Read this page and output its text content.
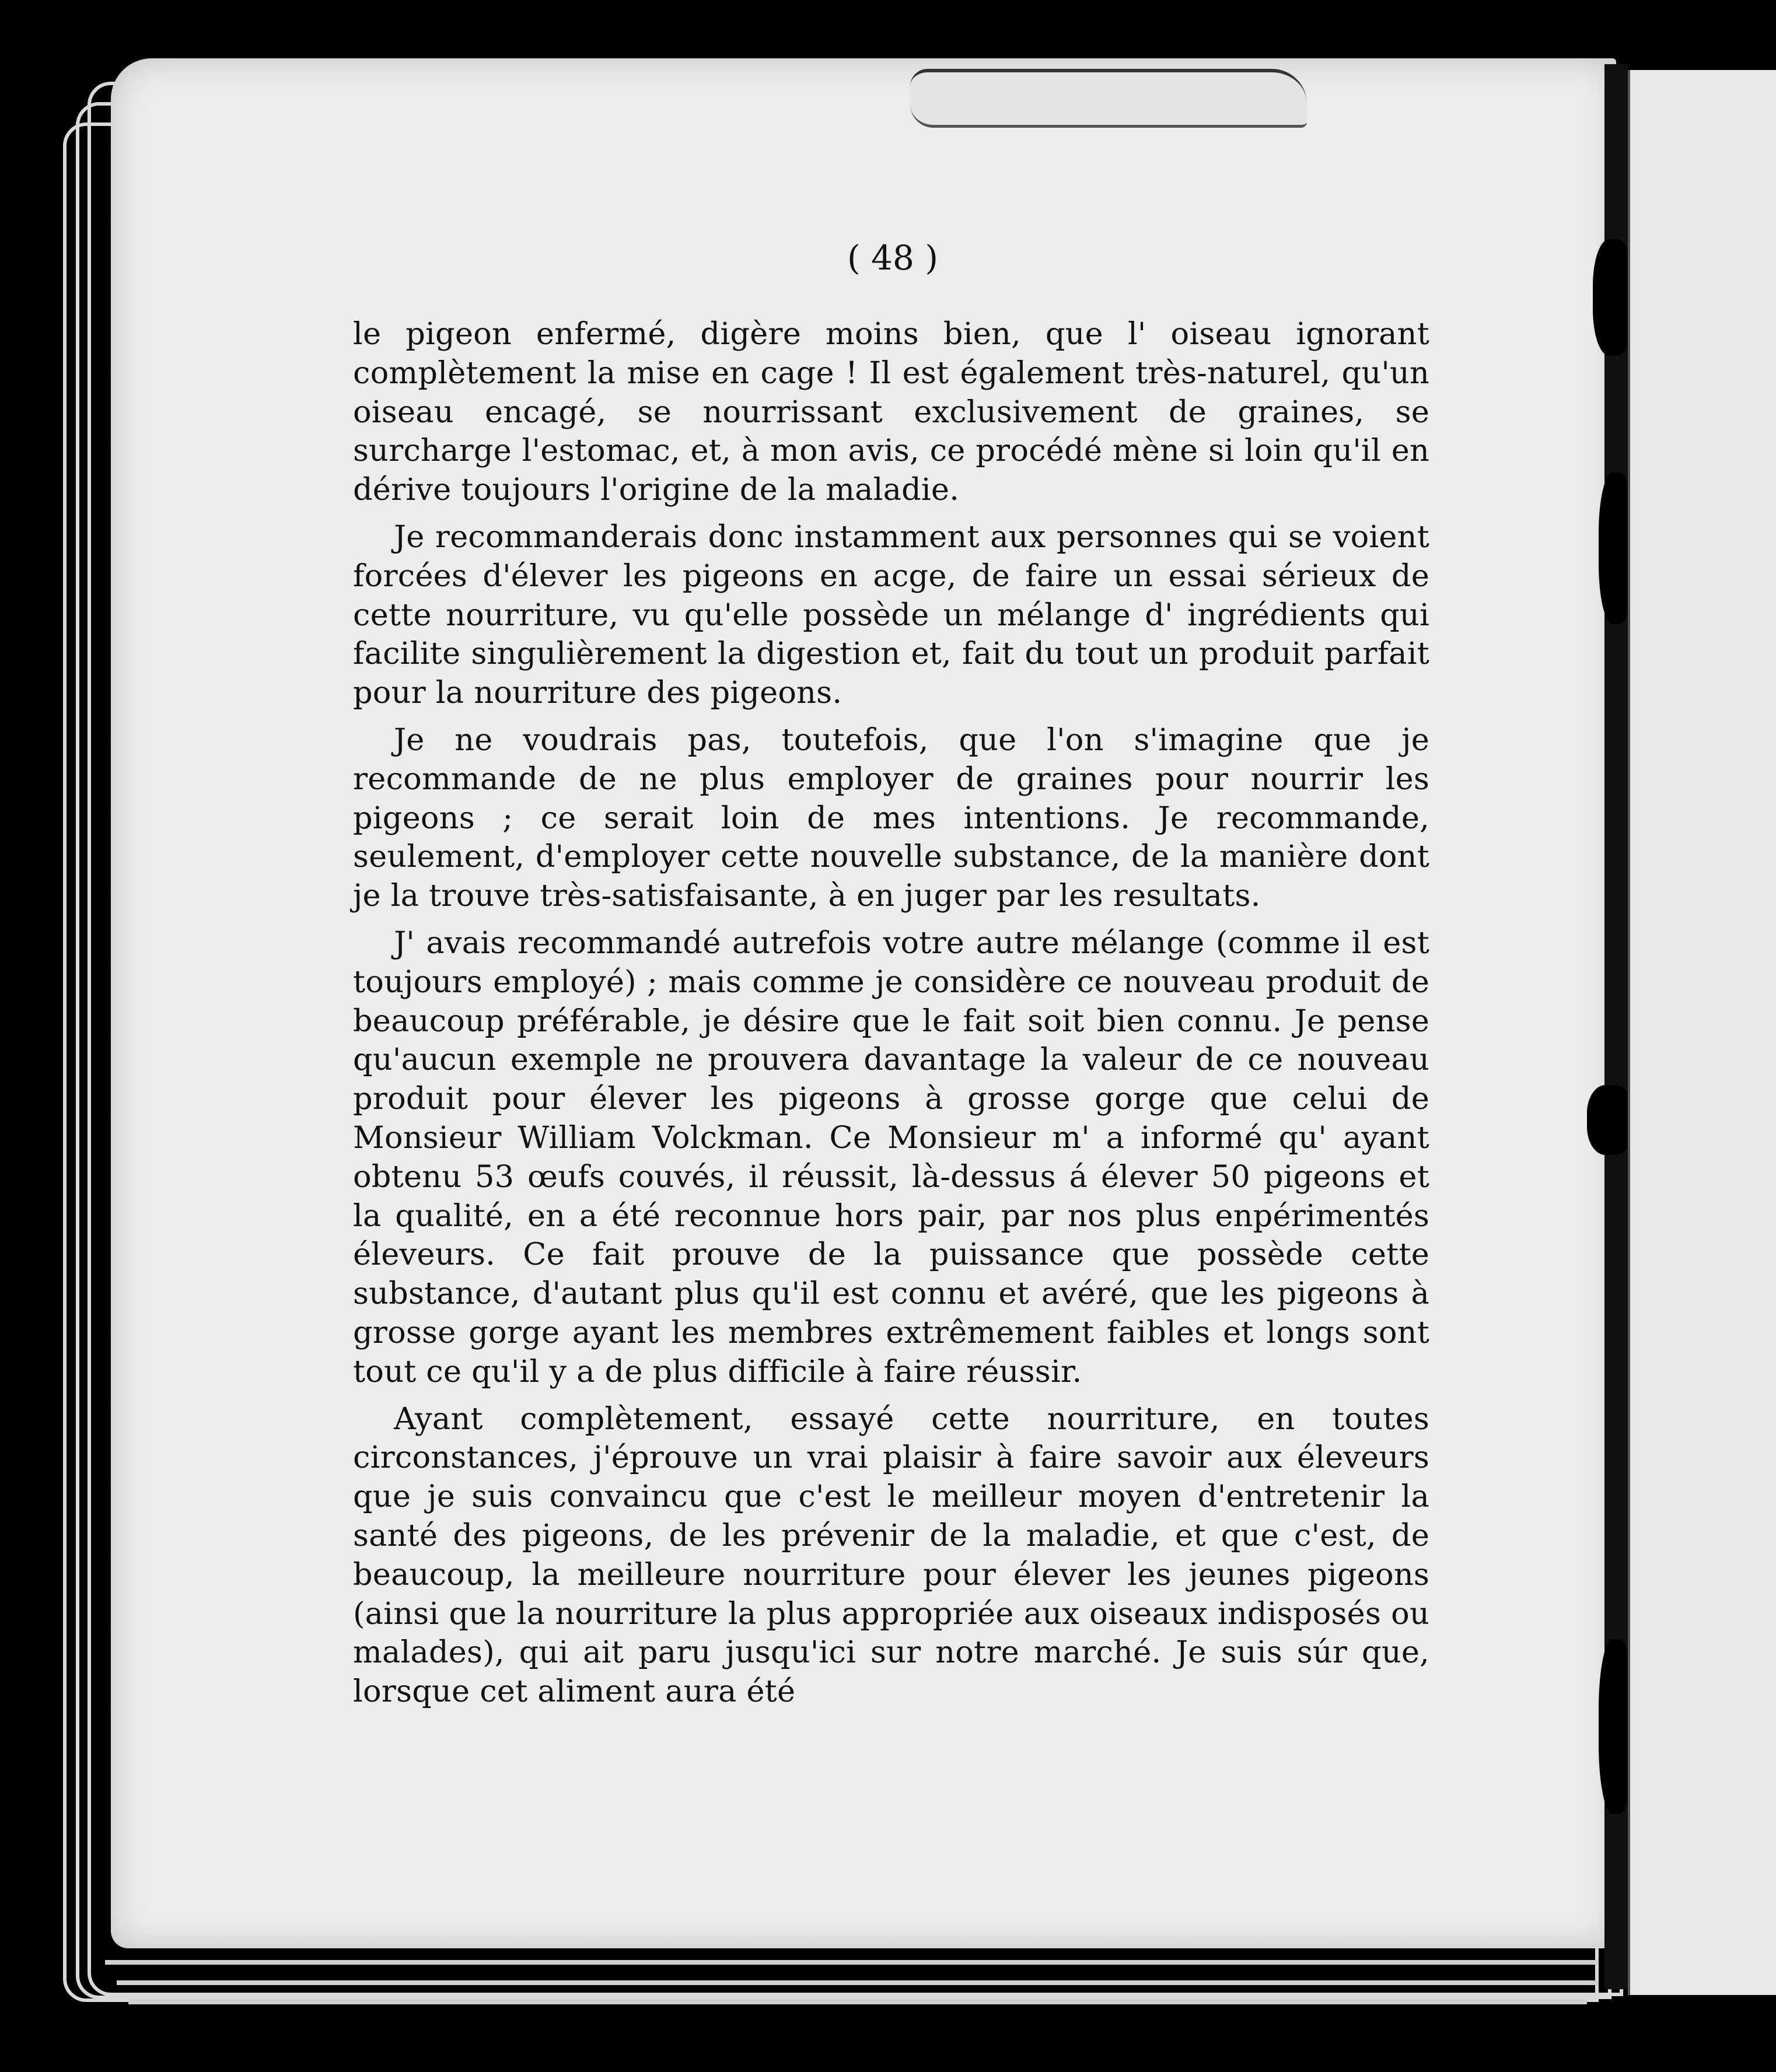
( 48 )

le pigeon enfermé, digère moins bien, que l' oiseau ignorant complètement la mise en cage ! Il est également très-naturel, qu'un oiseau encagé, se nourrissant exclusivement de graines, se surcharge l'estomac, et, à mon avis, ce procédé mène si loin qu'il en dérive toujours l'origine de la maladie.

Je recommanderais donc instamment aux personnes qui se voient forcées d'élever les pigeons en acge, de faire un essai sérieux de cette nourriture, vu qu'elle possède un mélange d' ingrédients qui facilite singulièrement la digestion et, fait du tout un produit parfait pour la nourriture des pigeons.

Je ne voudrais pas, toutefois, que l'on s'imagine que je recommande de ne plus employer de graines pour nourrir les pigeons ; ce serait loin de mes intentions. Je recommande, seulement, d'employer cette nouvelle substance, de la manière dont je la trouve très-satisfaisante, à en juger par les resultats.

J' avais recommandé autrefois votre autre mélange (comme il est toujours employé) ; mais comme je considère ce nouveau produit de beaucoup préférable, je désire que le fait soit bien connu. Je pense qu'aucun exemple ne prouvera davantage la valeur de ce nouveau produit pour élever les pigeons à grosse gorge que celui de Monsieur William Volckman. Ce Monsieur m' a informé qu' ayant obtenu 53 œufs couvés, il réussit, là-dessus á élever 50 pigeons et la qualité, en a été reconnue hors pair, par nos plus enpérimentés éleveurs. Ce fait prouve de la puissance que possède cette substance, d'autant plus qu'il est connu et avéré, que les pigeons à grosse gorge ayant les membres extrêmement faibles et longs sont tout ce qu'il y a de plus difficile à faire réussir.

Ayant complètement, essayé cette nourriture, en toutes circonstances, j'éprouve un vrai plaisir à faire savoir aux éleveurs que je suis convaincu que c'est le meilleur moyen d'entretenir la santé des pigeons, de les prévenir de la maladie, et que c'est, de beaucoup, la meilleure nourriture pour élever les jeunes pigeons (ainsi que la nourriture la plus appropriée aux oiseaux indisposés ou malades), qui ait paru jusqu'ici sur notre marché. Je suis súr que, lorsque cet aliment aura été
